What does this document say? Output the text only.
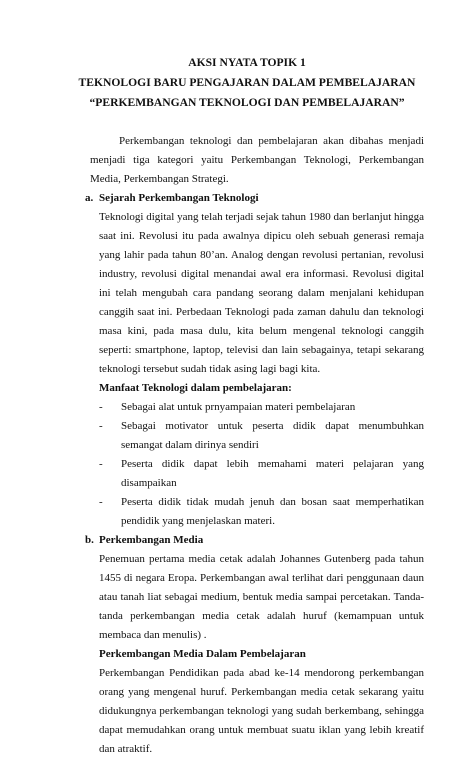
AKSI NYATA TOPIK 1
TEKNOLOGI BARU PENGAJARAN DALAM PEMBELAJARAN
“PERKEMBANGAN TEKNOLOGI DAN PEMBELAJARAN”

Perkembangan teknologi dan pembelajaran akan dibahas menjadi menjadi tiga kategori yaitu Perkembangan Teknologi, Perkembangan Media, Perkembangan Strategi.

a. Sejarah Perkembangan Teknologi

Teknologi digital yang telah terjadi sejak tahun 1980 dan berlanjut hingga saat ini. Revolusi itu pada awalnya dipicu oleh sebuah generasi remaja yang lahir pada tahun 80’an. Analog dengan revolusi pertanian, revolusi industry, revolusi digital menandai awal era informasi. Revolusi digital ini telah mengubah cara pandang seorang dalam menjalani kehidupan canggih saat ini. Perbedaan Teknologi pada zaman dahulu dan teknologi masa kini, pada masa dulu, kita belum mengenal teknologi canggih seperti: smartphone, laptop, televisi dan lain sebagainya, tetapi sekarang teknologi tersebut sudah tidak asing lagi bagi kita.

Manfaat Teknologi dalam pembelajaran:

- Sebagai alat untuk prnyampaian materi pembelajaran
- Sebagai motivator untuk peserta didik dapat menumbuhkan semangat dalam dirinya sendiri
- Peserta didik dapat lebih memahami materi pelajaran yang disampaikan
- Peserta didik tidak mudah jenuh dan bosan saat memperhatikan pendidik yang menjelaskan materi.
b. Perkembangan Media

Penemuan pertama media cetak adalah Johannes Gutenberg pada tahun 1455 di negara Eropa. Perkembangan awal terlihat dari penggunaan daun atau tanah liat sebagai medium, bentuk media sampai percetakan. Tanda-tanda perkembangan media cetak adalah huruf (kemampuan untuk membaca dan menulis) .

Perkembangan Media Dalam Pembelajaran

Perkembangan Pendidikan pada abad ke-14 mendorong perkembangan orang yang mengenal huruf. Perkembangan media cetak sekarang yaitu didukungnya perkembangan teknologi yang sudah berkembang, sehingga dapat memudahkan orang untuk membuat suatu iklan yang lebih kreatif dan atraktif.
